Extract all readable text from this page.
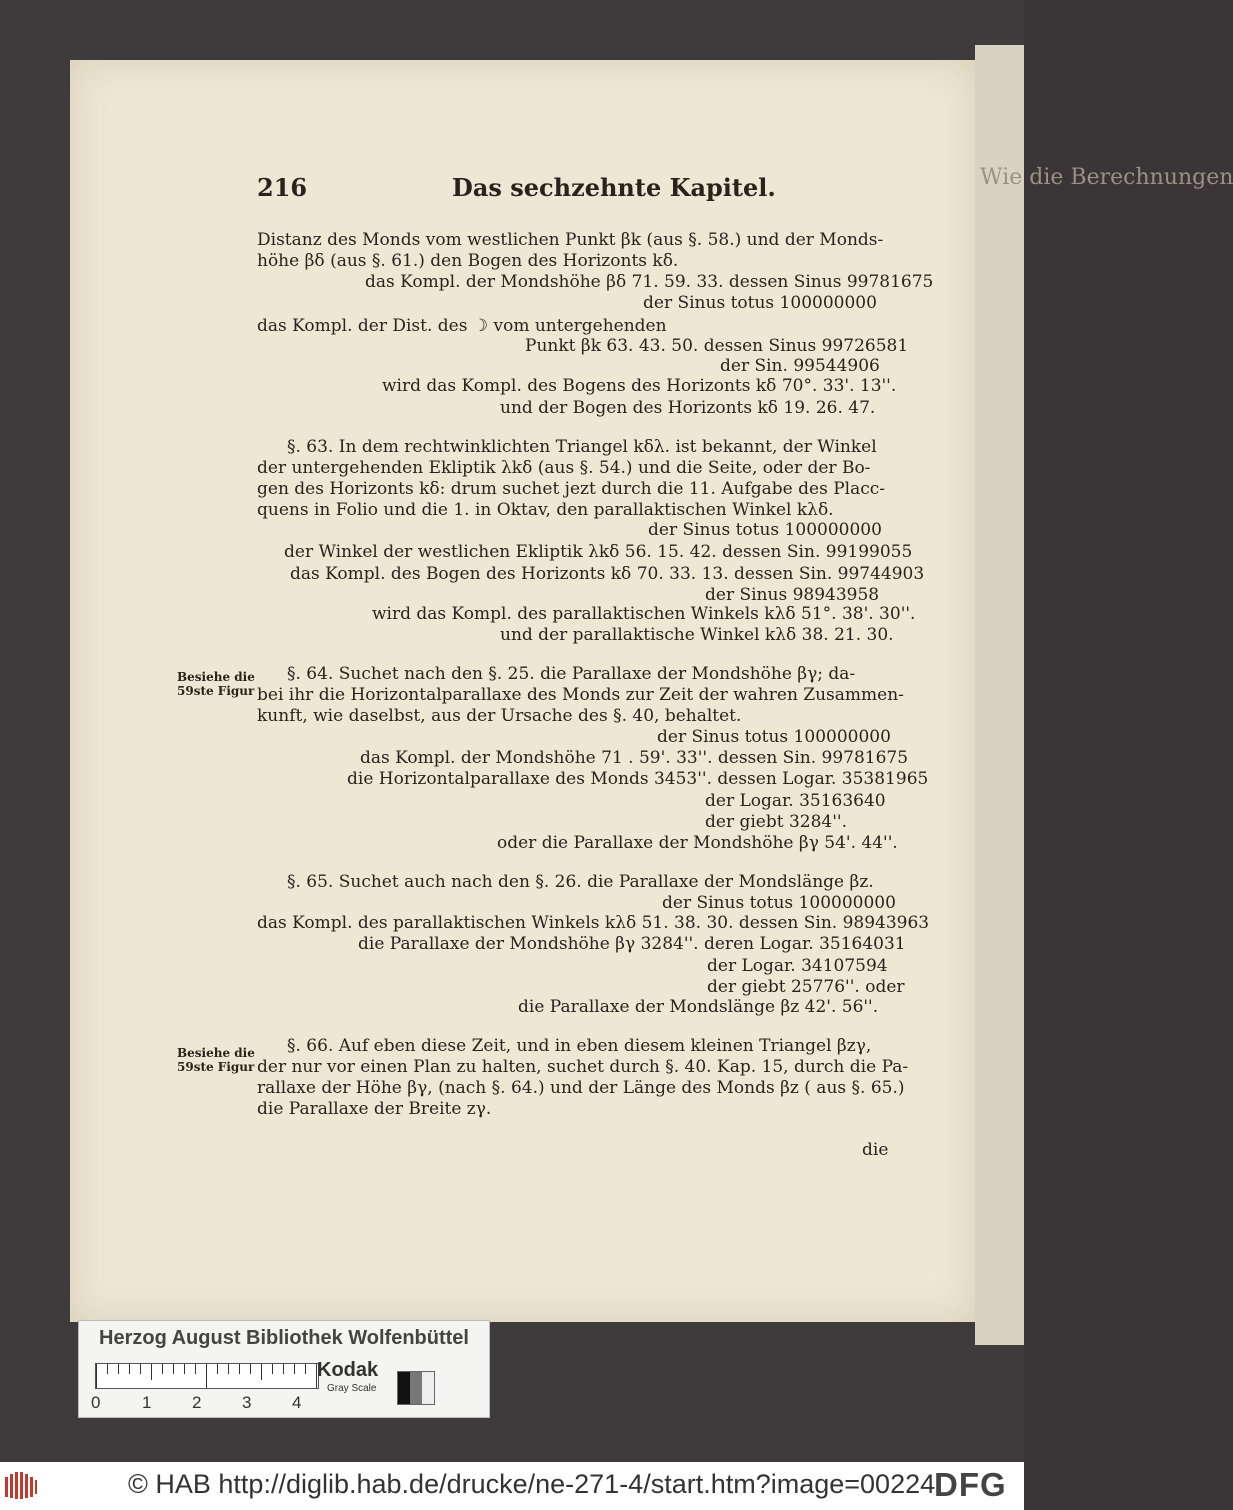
Wie die Berechnungen
216	Das sechzehnte Kapitel.
Distanz des Monds vom westlichen Punkt βk (aus §. 58.) und der Monds-
höhe βδ (aus §. 61.) den Bogen des Horizonts kδ.
das Kompl. der Mondshöhe βδ 71. 59. 33. dessen Sinus 99781675
der Sinus totus 100000000
das Kompl. der Dist. des ☽ vom untergehenden
Punkt βk 63. 43. 50. dessen Sinus 99726581
der Sin. 99544906
wird das Kompl. des Bogens des Horizonts kδ 70°. 33'. 13''.
und der Bogen des Horizonts kδ 19. 26. 47.
§. 63. In dem rechtwinklichten Triangel kδλ. ist bekannt, der Winkel
der untergehenden Ekliptik λkδ (aus §. 54.) und die Seite, oder der Bo-
gen des Horizonts kδ: drum suchet jezt durch die 11. Aufgabe des Placc-
quens in Folio und die 1. in Oktav, den parallaktischen Winkel kλδ.
der Sinus totus 100000000
der Winkel der westlichen Ekliptik λkδ 56. 15. 42. dessen Sin. 99199055
das Kompl. des Bogen des Horizonts kδ 70. 33. 13. dessen Sin. 99744903
der Sinus 98943958
wird das Kompl. des parallaktischen Winkels kλδ 51°. 38'. 30''.
und der parallaktische Winkel kλδ 38. 21. 30.
Besiehe die
59ste Figur
§. 64. Suchet nach den §. 25. die Parallaxe der Mondshöhe βγ; da-
bei ihr die Horizontalparallaxe des Monds zur Zeit der wahren Zusammen-
kunft, wie daselbst, aus der Ursache des §. 40, behaltet.
der Sinus totus 100000000
das Kompl. der Mondshöhe 71 . 59'. 33''. dessen Sin. 99781675
die Horizontalparallaxe des Monds 3453''. dessen Logar. 35381965
der Logar. 35163640
der giebt 3284''.
oder die Parallaxe der Mondshöhe βγ 54'. 44''.
§. 65. Suchet auch nach den §. 26. die Parallaxe der Mondslänge βz.
der Sinus totus 100000000
das Kompl. des parallaktischen Winkels kλδ 51. 38. 30. dessen Sin. 98943963
die Parallaxe der Mondshöhe βγ 3284''. deren Logar. 35164031
der Logar. 34107594
der giebt 25776''. oder
die Parallaxe der Mondslänge βz 42'. 56''.
Besiehe die
59ste Figur
§. 66. Auf eben diese Zeit, und in eben diesem kleinen Triangel βzγ,
der nur vor einen Plan zu halten, suchet durch §. 40. Kap. 15, durch die Pa-
rallaxe der Höhe βγ, (nach §. 64.) und der Länge des Monds βz ( aus §. 65.)
die Parallaxe der Breite zγ.
die
Herzog August Bibliothek Wolfenbüttel
0 1 2 3 4
Kodak
Gray Scale
© HAB http://diglib.hab.de/drucke/ne-271-4/start.htm?image=00224
DFG
